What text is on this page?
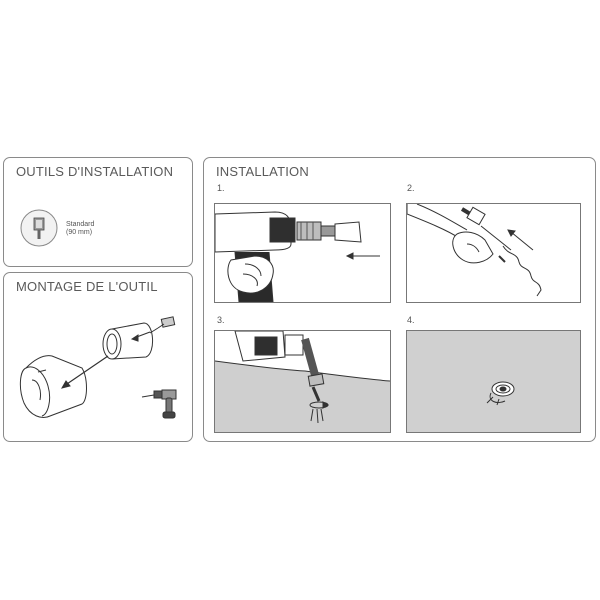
OUTILS D'INSTALLATION
Standard
(90 mm)
MONTAGE DE L'OUTIL
INSTALLATION
1.	2.
3.	4.
